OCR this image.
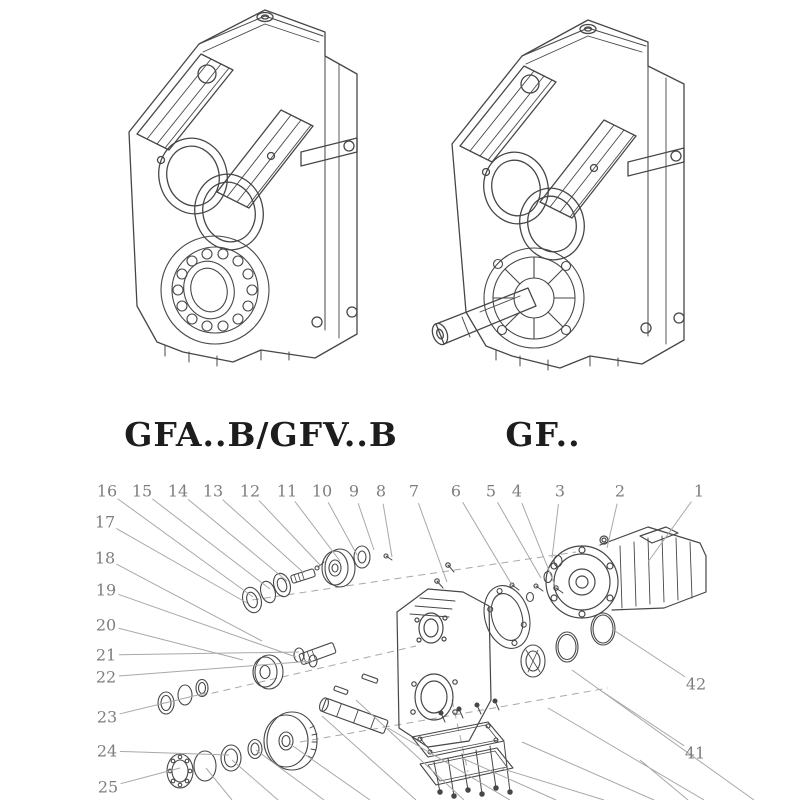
GFA..B/GFV..B	GF..
1
2
3
4
5
6
7
8
9
10
11
12
13
14
15
16
17
18
19
20
21
22
23
24
25
42
41
